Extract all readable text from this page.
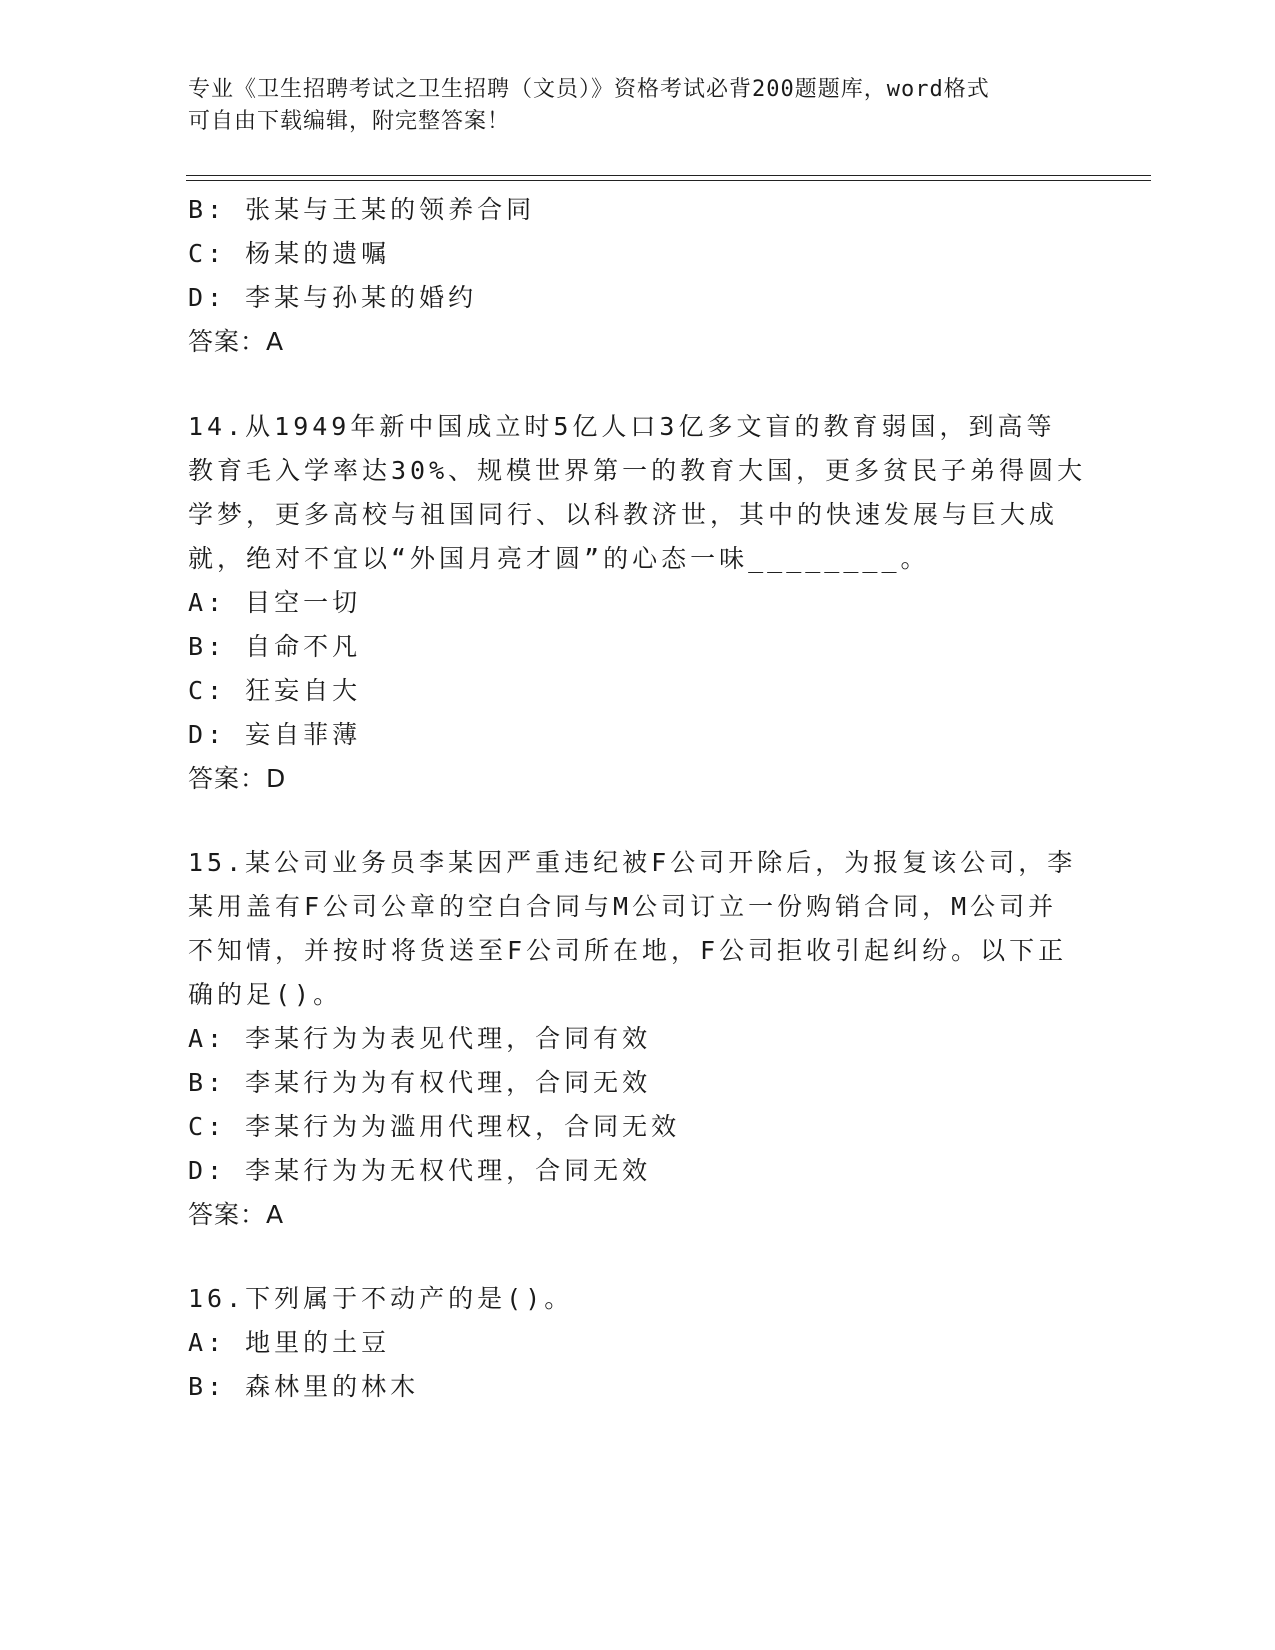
专业《卫生招聘考试之卫生招聘（文员）》资格考试必背200题题库，word格式
可自由下载编辑，附完整答案！
B: 张某与王某的领养合同
C: 杨某的遗嘱
D: 李某与孙某的婚约
答案：A
14.从1949年新中国成立时5亿人口3亿多文盲的教育弱国，到高等
教育毛入学率达30%、规模世界第一的教育大国，更多贫民子弟得圆大
学梦，更多高校与祖国同行、以科教济世，其中的快速发展与巨大成
就，绝对不宜以“外国月亮才圆”的心态一味________。
A: 目空一切
B: 自命不凡
C: 狂妄自大
D: 妄自菲薄
答案：D
15.某公司业务员李某因严重违纪被F公司开除后，为报复该公司，李
某用盖有F公司公章的空白合同与M公司订立一份购销合同，M公司并
不知情，并按时将货送至F公司所在地，F公司拒收引起纠纷。以下正
确的足()。
A: 李某行为为表见代理，合同有效
B: 李某行为为有权代理，合同无效
C: 李某行为为滥用代理权，合同无效
D: 李某行为为无权代理，合同无效
答案：A
16.下列属于不动产的是()。
A: 地里的土豆
B: 森林里的林木
